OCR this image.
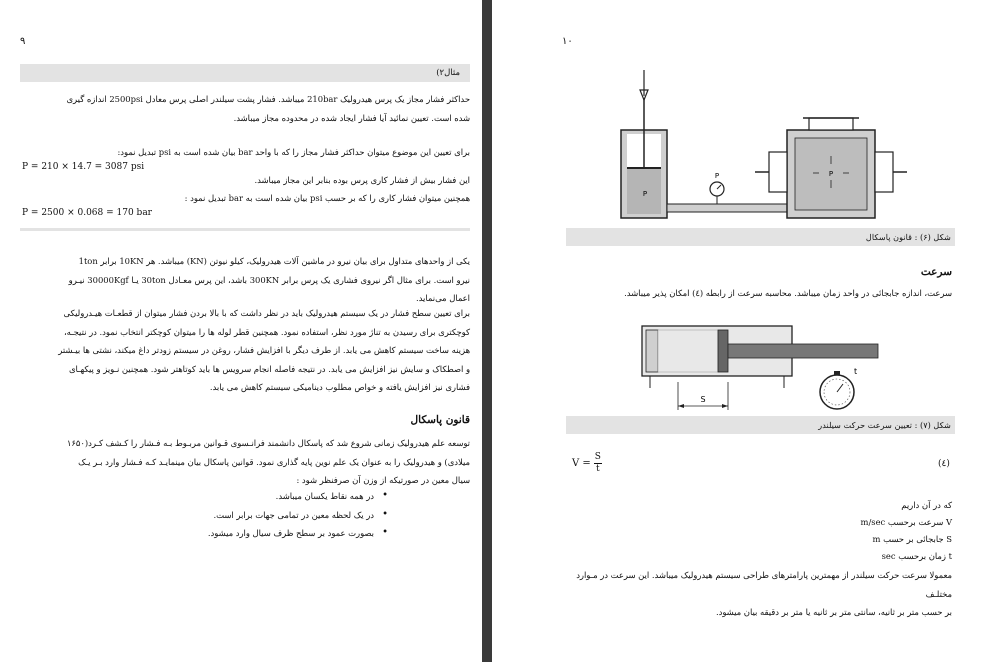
۹
مثال۲)
حداکثر فشار مجاز یک پرس هیدرولیک 210bar میباشد. فشار پشت سیلندر اصلی پرس معادل 2500psi اندازه گیری
شده است. تعیین نمائید آیا فشار ایجاد شده در محدوده مجاز میباشد.
برای تعیین این موضوع میتوان حداکثر فشار مجاز را که با واحد bar بیان شده است به psi تبدیل نمود:
P = 210 × 14.7 = 3087 psi
این فشار بیش از فشار کاری پرس بوده بنابر این مجاز میباشد.
همچنین میتوان فشار کاری را که بر حسب psi بیان شده است به bar تبدیل نمود :
P = 2500 × 0.068 = 170 bar
یکی از واحدهای متداول برای بیان نیرو در ماشین آلات هیدرولیک، کیلو نیوتن (KN) میباشد. هر 10KN برابر 1ton
نیرو است. برای مثال اگر نیروی فشاری یک پرس برابر 300KN باشد، این پرس معـادل 30ton یـا 30000Kgf نیـرو
اعمال می‌نماید.
برای تعیین سطح فشار در یک سیستم هیدرولیک باید در نظر داشت که با بالا بردن فشار میتوان از قطعـات هیـدرولیکی
کوچکتری برای رسیدن به تناژ مورد نظر، استفاده نمود. همچنین قطر لوله ها را میتوان کوچکتر انتخاب نمود. در نتیجـه،
هزینه ساخت سیستم کاهش می یابد. از طرف دیگر با افزایش فشار، روغن در سیستم زودتر داغ میکند، نشتی ها بیـشتر
و اصطکاک و سایش نیز افزایش می یابد. در نتیجه فاصله انجام سرویس ها باید کوتاهتر شود. همچنین نـویز و پیکهـای
فشاری نیز افزایش یافته و خواص مطلوب دینامیکی سیستم کاهش می یابد.
قانون پاسکال
توسعه علم هیدرولیک زمانی شروع شد که پاسکال دانشمند فرانـسوی قـوانین مربـوط بـه فـشار را کـشف کـرد(۱۶۵۰
میلادی) و هیدرولیک را به عنوان یک علم نوین پایه گذاری نمود. قوانین پاسکال بیان مینمایـد کـه فـشار وارد بـر یـک
سیال معین در صورتیکه از وزن آن صرفنظر شود :
• در همه نقاط یکسان میباشد.
• در یک لحظه معین در تمامی جهات برابر است.
• بصورت عمود بر سطح ظرف سیال وارد میشود.
۱۰
P
P	P
شکل (۶) : قانون پاسکال
سرعت
سرعت، اندازه جابجائی در واحد زمان میباشد. محاسبه سرعت از رابطه (٤) امکان پذیر میباشد.
S
t
شکل (۷) : تعیین سرعت حرکت سیلندر
$V = \frac{S}{t}$	(٤)
که در آن داریم
V سرعت برحسب m/sec
S جابجائی بر حسب m
t زمان برحسب sec
معمولا سرعت حرکت سیلندر از مهمترین پارامترهای طراحی سیستم هیدرولیک میباشد. این سرعت در مـوارد مختلـف
بر حسب متر بر ثانیه، سانتی متر بر ثانیه یا متر بر دقیقه بیان میشود.
